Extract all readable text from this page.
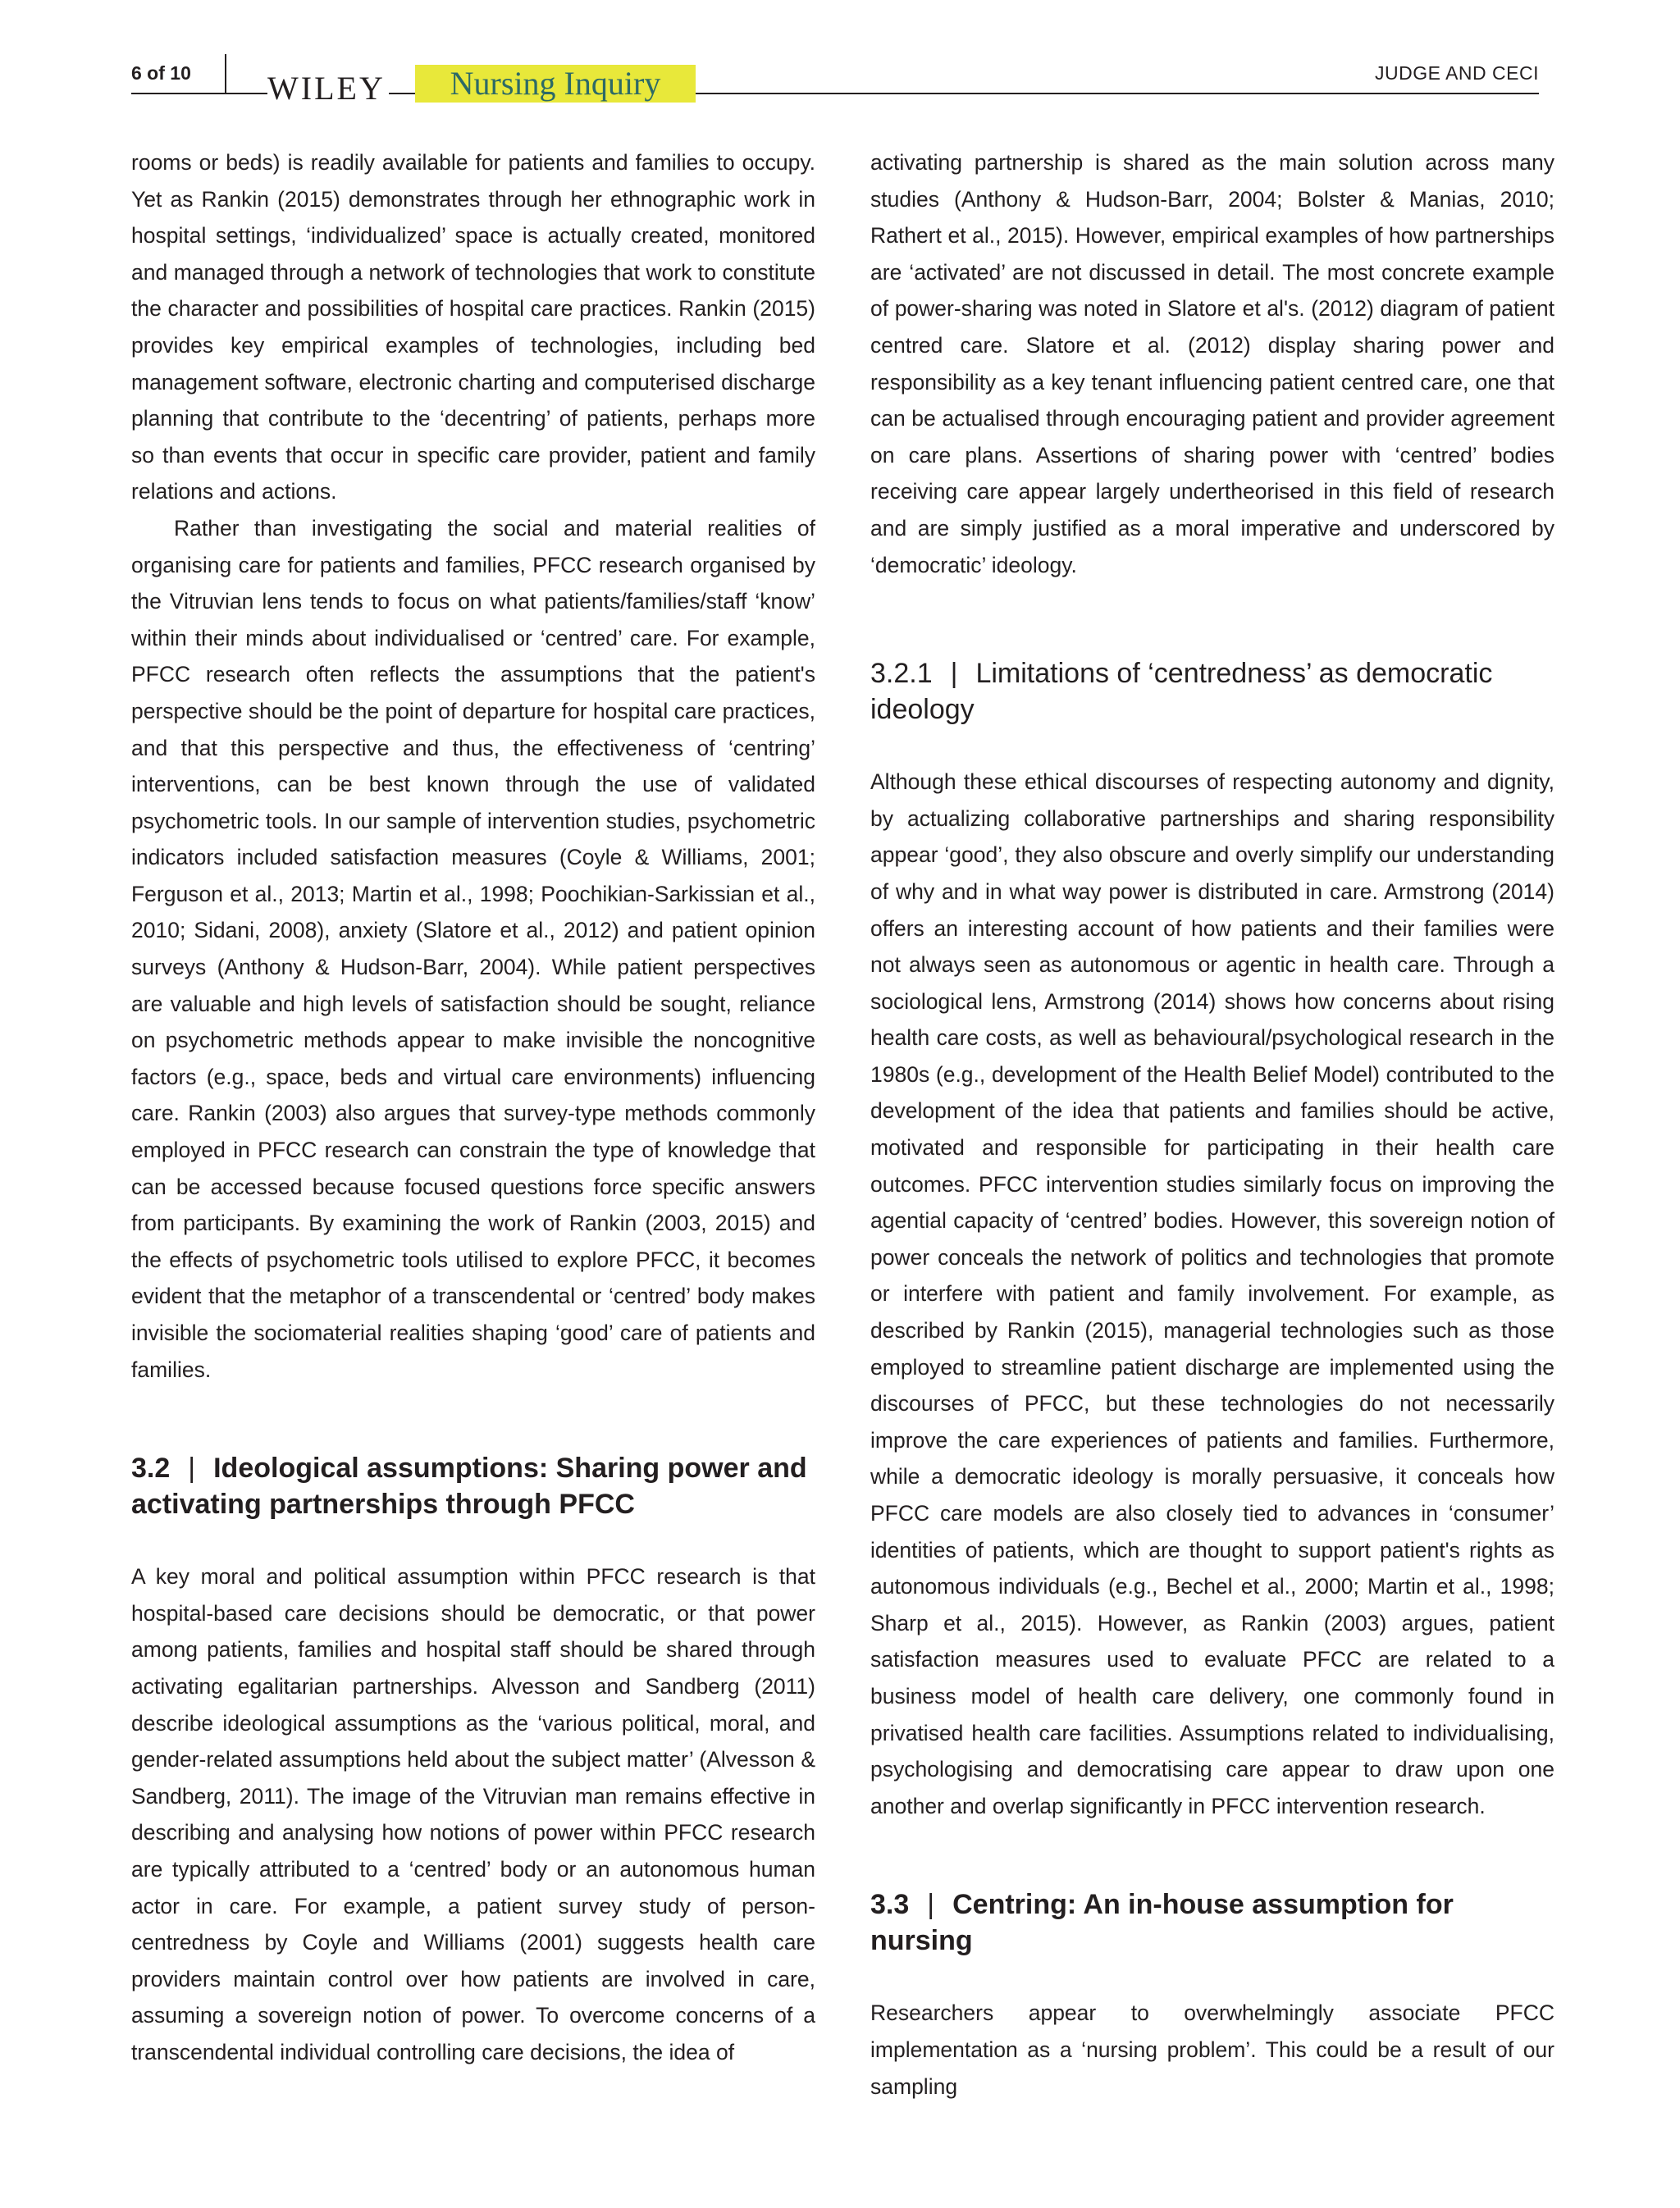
6 of 10 WILEY	Nursing Inquiry	JUDGE AND CECI

rooms or beds) is readily available for patients and families to occupy. Yet as Rankin (2015) demonstrates through her ethnographic work in hospital settings, ‘individualized’ space is actually created, monitored and managed through a network of technologies that work to constitute the character and possibilities of hospital care practices. Rankin (2015) provides key empirical examples of technologies, including bed management software, electronic charting and computerised discharge planning that contribute to the ‘decentring’ of patients, perhaps more so than events that occur in specific care provider, patient and family relations and actions.

Rather than investigating the social and material realities of organising care for patients and families, PFCC research organised by the Vitruvian lens tends to focus on what patients/families/staff ‘know’ within their minds about individualised or ‘centred’ care. For example, PFCC research often reflects the assumptions that the patient's perspective should be the point of departure for hospital care practices, and that this perspective and thus, the effectiveness of ‘centring’ interventions, can be best known through the use of validated psychometric tools. In our sample of intervention studies, psychometric indicators included satisfaction measures (Coyle & Williams, 2001; Ferguson et al., 2013; Martin et al., 1998; Poochikian-Sarkissian et al., 2010; Sidani, 2008), anxiety (Slatore et al., 2012) and patient opinion surveys (Anthony & Hudson-Barr, 2004). While patient perspectives are valuable and high levels of satisfaction should be sought, reliance on psychometric methods appear to make invisible the noncognitive factors (e.g., space, beds and virtual care environments) influencing care. Rankin (2003) also argues that survey-type methods commonly employed in PFCC research can constrain the type of knowledge that can be accessed because focused questions force specific answers from participants. By examining the work of Rankin (2003, 2015) and the effects of psychometric tools utilised to explore PFCC, it becomes evident that the metaphor of a transcendental or ‘centred’ body makes invisible the sociomaterial realities shaping ‘good’ care of patients and families.

3.2 | Ideological assumptions: Sharing power and activating partnerships through PFCC

A key moral and political assumption within PFCC research is that hospital-based care decisions should be democratic, or that power among patients, families and hospital staff should be shared through activating egalitarian partnerships. Alvesson and Sandberg (2011) describe ideological assumptions as the ‘various political, moral, and gender-related assumptions held about the subject matter’ (Alvesson & Sandberg, 2011). The image of the Vitruvian man remains effective in describing and analysing how notions of power within PFCC research are typically attributed to a ‘centred’ body or an autonomous human actor in care. For example, a patient survey study of person-centredness by Coyle and Williams (2001) suggests health care providers maintain control over how patients are involved in care, assuming a sovereign notion of power. To overcome concerns of a transcendental individual controlling care decisions, the idea of

activating partnership is shared as the main solution across many studies (Anthony & Hudson-Barr, 2004; Bolster & Manias, 2010; Rathert et al., 2015). However, empirical examples of how partnerships are ‘activated’ are not discussed in detail. The most concrete example of power-sharing was noted in Slatore et al's. (2012) diagram of patient centred care. Slatore et al. (2012) display sharing power and responsibility as a key tenant influencing patient centred care, one that can be actualised through encouraging patient and provider agreement on care plans. Assertions of sharing power with ‘centred’ bodies receiving care appear largely undertheorised in this field of research and are simply justified as a moral imperative and underscored by ‘democratic’ ideology.

3.2.1 | Limitations of ‘centredness’ as democratic ideology

Although these ethical discourses of respecting autonomy and dignity, by actualizing collaborative partnerships and sharing responsibility appear ‘good’, they also obscure and overly simplify our understanding of why and in what way power is distributed in care. Armstrong (2014) offers an interesting account of how patients and their families were not always seen as autonomous or agentic in health care. Through a sociological lens, Armstrong (2014) shows how concerns about rising health care costs, as well as behavioural/psychological research in the 1980s (e.g., development of the Health Belief Model) contributed to the development of the idea that patients and families should be active, motivated and responsible for participating in their health care outcomes. PFCC intervention studies similarly focus on improving the agential capacity of ‘centred’ bodies. However, this sovereign notion of power conceals the network of politics and technologies that promote or interfere with patient and family involvement. For example, as described by Rankin (2015), managerial technologies such as those employed to streamline patient discharge are implemented using the discourses of PFCC, but these technologies do not necessarily improve the care experiences of patients and families. Furthermore, while a democratic ideology is morally persuasive, it conceals how PFCC care models are also closely tied to advances in ‘consumer’ identities of patients, which are thought to support patient's rights as autonomous individuals (e.g., Bechel et al., 2000; Martin et al., 1998; Sharp et al., 2015). However, as Rankin (2003) argues, patient satisfaction measures used to evaluate PFCC are related to a business model of health care delivery, one commonly found in privatised health care facilities. Assumptions related to individualising, psychologising and democratising care appear to draw upon one another and overlap significantly in PFCC intervention research.

3.3 | Centring: An in-house assumption for nursing

Researchers appear to overwhelmingly associate PFCC implementation as a ‘nursing problem’. This could be a result of our sampling
